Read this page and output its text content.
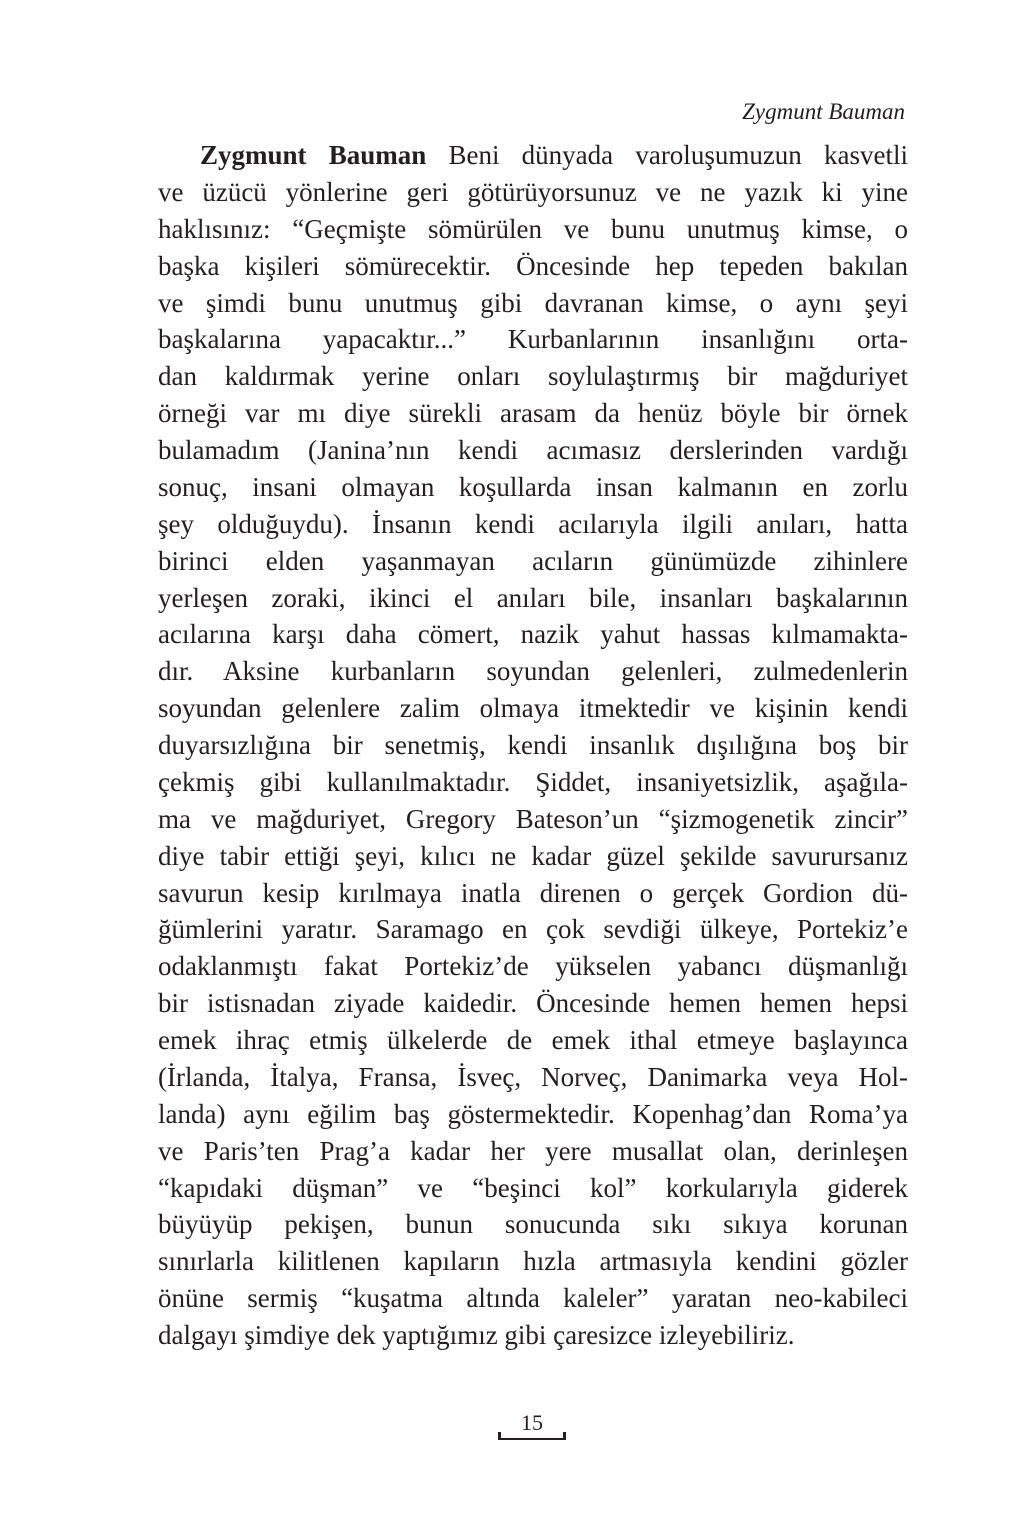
Zygmunt Bauman
Zygmunt Bauman Beni dünyada varoluşumuzun kasvetli
ve üzücü yönlerine geri götürüyorsunuz ve ne yazık ki yine
haklısınız: “Geçmişte sömürülen ve bunu unutmuş kimse, o
başka kişileri sömürecektir. Öncesinde hep tepeden bakılan
ve şimdi bunu unutmuş gibi davranan kimse, o aynı şeyi
başkalarına yapacaktır...” Kurbanlarının insanlığını orta-
dan kaldırmak yerine onları soylulaştırmış bir mağduriyet
örneği var mı diye sürekli arasam da henüz böyle bir örnek
bulamadım (Janina’nın kendi acımasız derslerinden vardığı
sonuç, insani olmayan koşullarda insan kalmanın en zorlu
şey olduğuydu). İnsanın kendi acılarıyla ilgili anıları, hatta
birinci elden yaşanmayan acıların günümüzde zihinlere
yerleşen zoraki, ikinci el anıları bile, insanları başkalarının
acılarına karşı daha cömert, nazik yahut hassas kılmamakta-
dır. Aksine kurbanların soyundan gelenleri, zulmedenlerin
soyundan gelenlere zalim olmaya itmektedir ve kişinin kendi
duyarsızlığına bir senetmiş, kendi insanlık dışılığına boş bir
çekmiş gibi kullanılmaktadır. Şiddet, insaniyetsizlik, aşağıla-
ma ve mağduriyet, Gregory Bateson’un “şizmogenetik zincir”
diye tabir ettiği şeyi, kılıcı ne kadar güzel şekilde savurursanız
savurun kesip kırılmaya inatla direnen o gerçek Gordion dü-
ğümlerini yaratır. Saramago en çok sevdiği ülkeye, Portekiz’e
odaklanmıştı fakat Portekiz’de yükselen yabancı düşmanlığı
bir istisnadan ziyade kaidedir. Öncesinde hemen hemen hepsi
emek ihraç etmiş ülkelerde de emek ithal etmeye başlayınca
(İrlanda, İtalya, Fransa, İsveç, Norveç, Danimarka veya Hol-
landa) aynı eğilim baş göstermektedir. Kopenhag’dan Roma’ya
ve Paris’ten Prag’a kadar her yere musallat olan, derinleşen
“kapıdaki düşman” ve “beşinci kol” korkularıyla giderek
büyüyüp pekişen, bunun sonucunda sıkı sıkıya korunan
sınırlarla kilitlenen kapıların hızla artmasıyla kendini gözler
önüne sermiş “kuşatma altında kaleler” yaratan neo-kabileci
dalgayı şimdiye dek yaptığımız gibi çaresizce izleyebiliriz.
15
